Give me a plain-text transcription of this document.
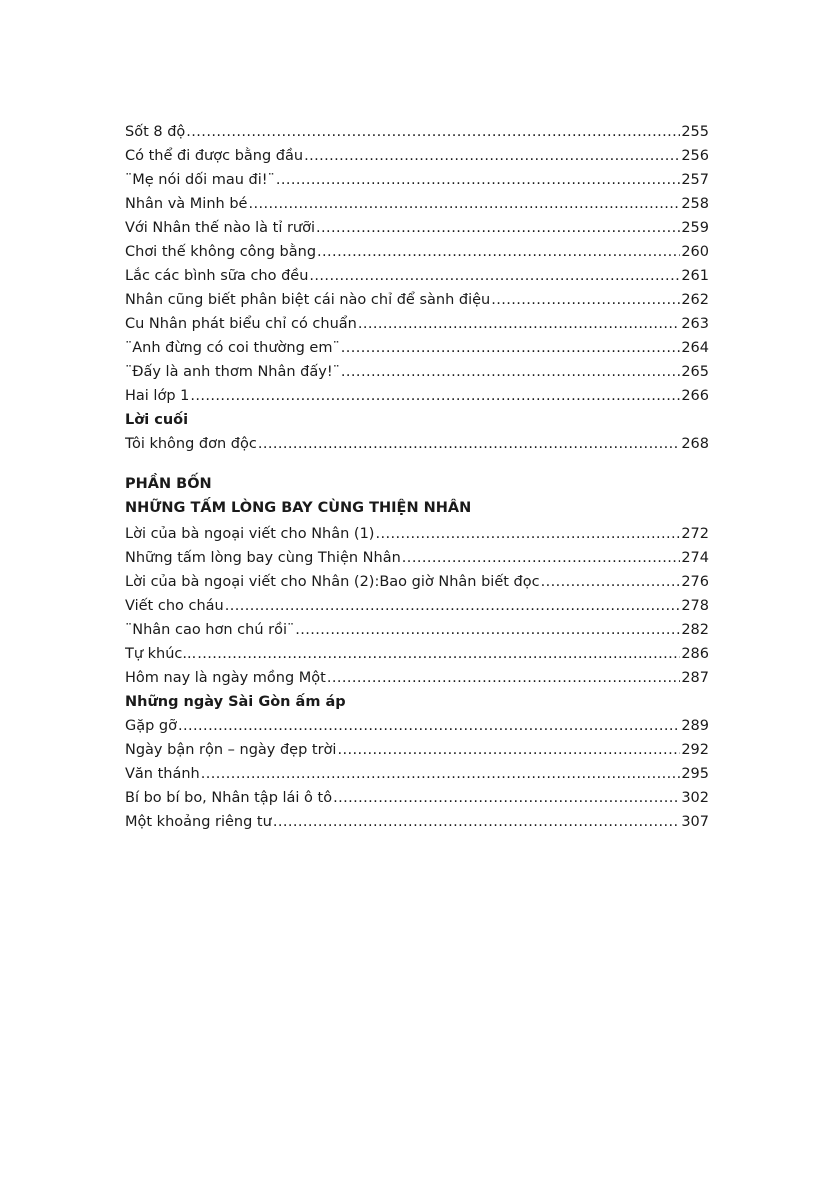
Sốt 8 độ .....	255
Có thể đi được bằng đầu .....	256
¨Mẹ nói dối mau đi!¨ .....	257
Nhân và Minh bé .....	258
Với Nhân thế nào là tỉ rưỡi .....	259
Chơi thế không công bằng .....	260
Lắc các bình sữa cho đều .....	261
Nhân cũng biết phân biệt cái nào chỉ để sành điệu .....	262
Cu Nhân phát biểu chỉ có chuẩn .....	263
¨Anh đừng có coi thường em¨ .....	264
¨Đấy là anh thơm Nhân đấy!¨ .....	265
Hai lớp 1 .....	266
Lời cuối
Tôi không đơn độc .....	268
PHẦN BỐN
NHỮNG TẤM LÒNG BAY CÙNG THIỆN NHÂN
Lời của bà ngoại viết cho Nhân (1) .....	272
Những tấm lòng bay cùng Thiện Nhân .....	274
Lời của bà ngoại viết cho Nhân (2):Bao giờ Nhân biết đọc .....	276
Viết cho cháu .....	278
¨Nhân cao hơn chú rồi¨ .....	282
Tự khúc... .....	286
Hôm nay là ngày mồng Một .....	287
Những ngày Sài Gòn ấm áp
Gặp gỡ .....	289
Ngày bận rộn – ngày đẹp trời .....	292
Văn thánh .....	295
Bí bo bí bo, Nhân tập lái ô tô .....	302
Một khoảng riêng tư .....	307
